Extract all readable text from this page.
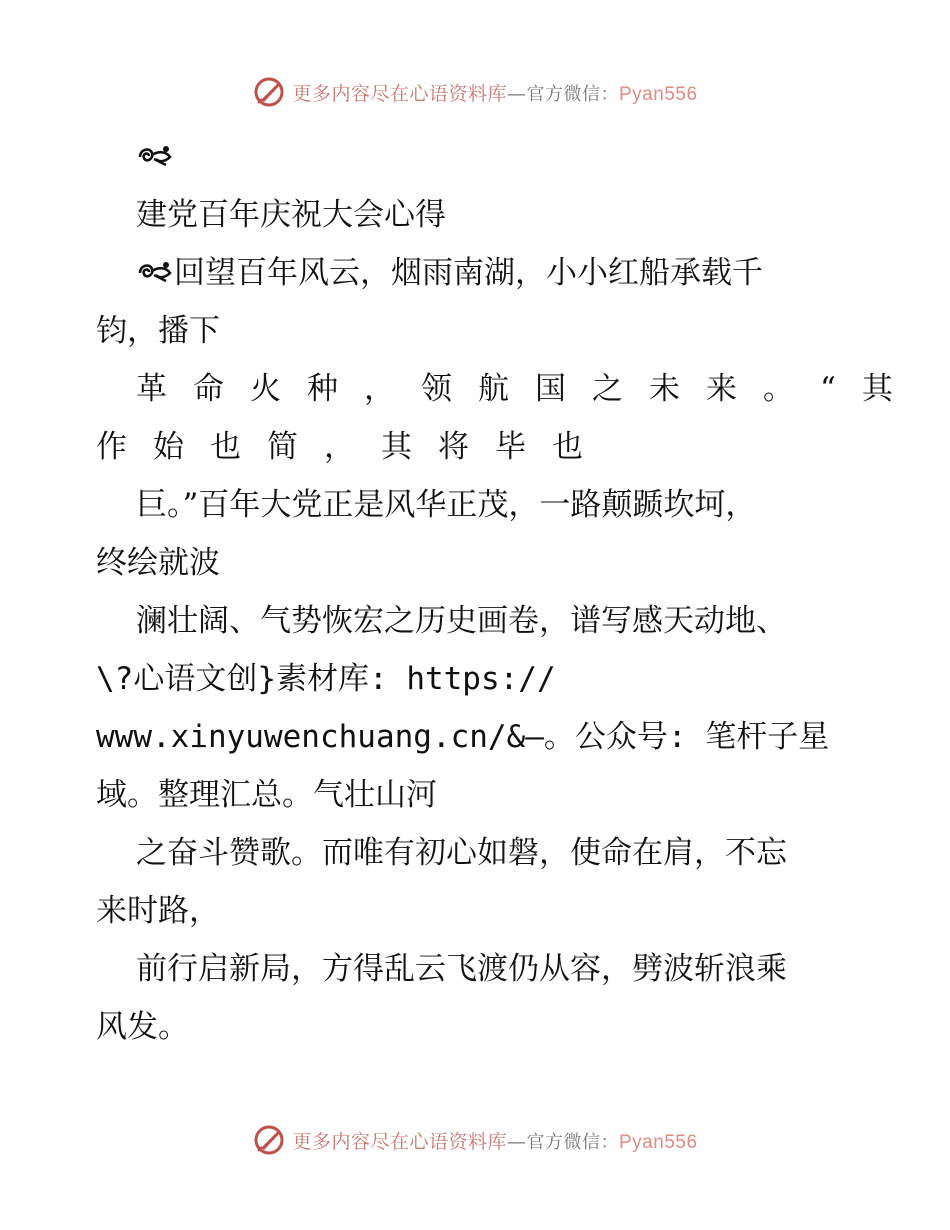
更多内容尽在心语资料库—官方微信：Pyan556
建党百年庆祝大会心得
回望百年风云，烟雨南湖，小小红船承载千
钧，播下
革命火种，领航国之未来。“其
作始也简，其将毕也
巨。”百年大党正是风华正茂，一路颠踬坎坷，
终绘就波
澜壮阔、气势恢宏之历史画卷，谱写感天动地、
\?心语文创}素材库: https://
www.xinyuwenchuang.cn/&—。公众号: 笔杆子星
域。整理汇总。气壮山河
之奋斗赞歌。而唯有初心如磐，使命在肩，不忘
来时路，
前行启新局，方得乱云飞渡仍从容，劈波斩浪乘
风发。
更多内容尽在心语资料库—官方微信：Pyan556
